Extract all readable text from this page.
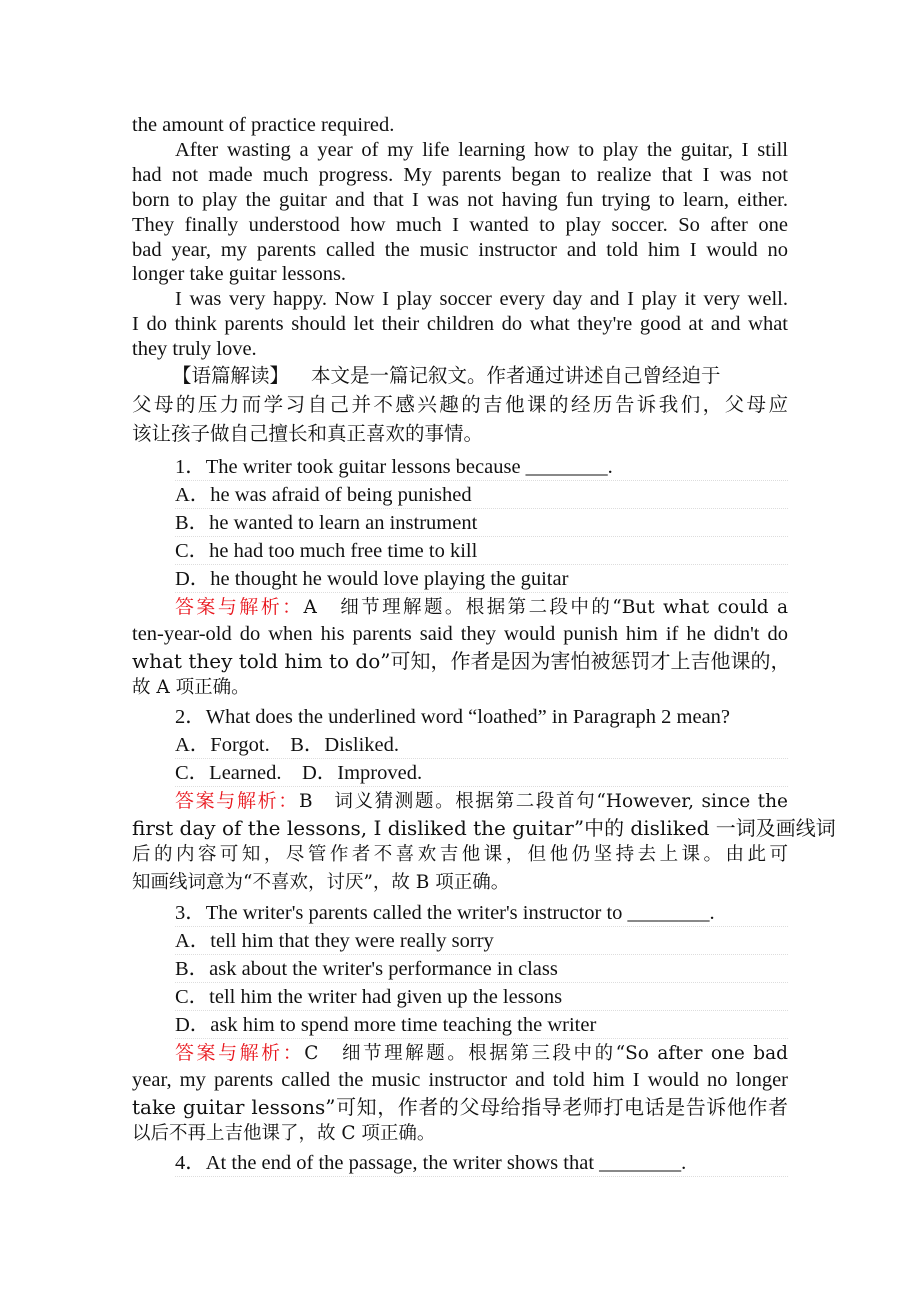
the amount of practice required.
After wasting a year of my life learning how to play the guitar, I still
had not made much progress. My parents began to realize that I was not
born to play the guitar and that I was not having fun trying to learn, either.
They finally understood how much I wanted to play soccer. So after one
bad year, my parents called the music instructor and told him I would no
longer take guitar lessons.
I was very happy. Now I play soccer every day and I play it very well.
I do think parents should let their children do what they're good at and what
they truly love.
【语篇解读】 本文是一篇记叙文。作者通过讲述自己曾经迫于
父母的压力而学习自己并不感兴趣的吉他课的经历告诉我们，父母应
该让孩子做自己擅长和真正喜欢的事情。
1．The writer took guitar lessons because ________.
A．he was afraid of being punished
B．he wanted to learn an instrument
C．he had too much free time to kill
D．he thought he would love playing the guitar
答案与解析：A　细节理解题。根据第二段中的“But what could a
ten-year-old do when his parents said they would punish him if he didn't do
what they told him to do”可知，作者是因为害怕被惩罚才上吉他课的，
故 A 项正确。
2．What does the underlined word “loathed” in Paragraph 2 mean?
A．Forgot.　B．Disliked.
C．Learned.　D．Improved.
答案与解析：B　词义猜测题。根据第二段首句“However, since the
first day of the lessons, I disliked the guitar”中的 disliked 一词及画线词
后的内容可知，尽管作者不喜欢吉他课，但他仍坚持去上课。由此可
知画线词意为“不喜欢，讨厌”，故 B 项正确。
3．The writer's parents called the writer's instructor to ________.
A．tell him that they were really sorry
B．ask about the writer's performance in class
C．tell him the writer had given up the lessons
D．ask him to spend more time teaching the writer
答案与解析：C　细节理解题。根据第三段中的“So after one bad
year, my parents called the music instructor and told him I would no longer
take guitar lessons”可知，作者的父母给指导老师打电话是告诉他作者
以后不再上吉他课了，故 C 项正确。
4．At the end of the passage, the writer shows that ________.
